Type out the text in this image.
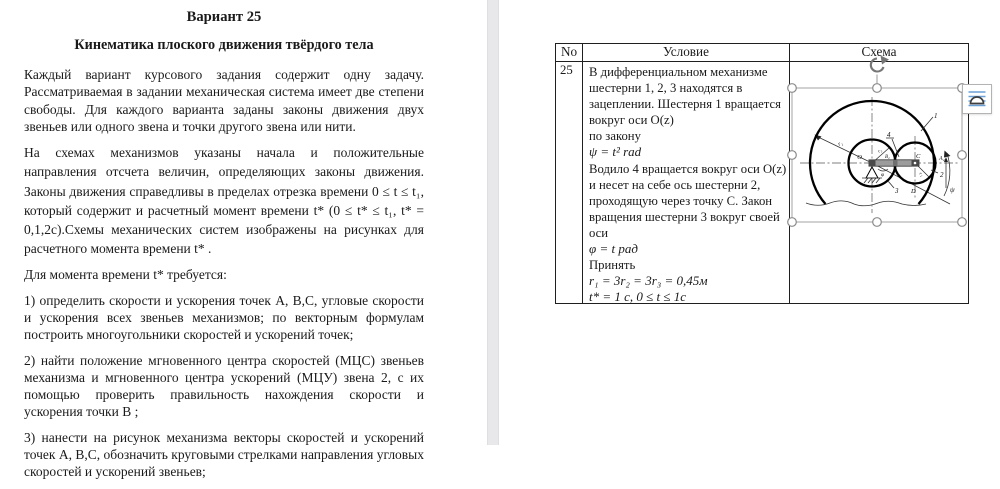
Вариант 25
Кинематика плоского движения твёрдого тела

Каждый вариант курсового задания содержит одну задачу. Рассматриваемая в задании механическая система имеет две степени свободы. Для каждого варианта заданы законы движения двух звеньев или одного звена и точки другого звена или нити.

На схемах механизмов указаны начала и положительные направления отсчета величин, определяющих законы движения. Законы движения справедливы в пределах отрезка времени 0 ≤ t ≤ t₁, который содержит и расчетный момент времени t* (0 ≤ t* ≤ t₁, t* = 0,1,2с).Схемы механических систем изображены на рисунках для расчетного момента времени t* .

Для момента времени t* требуется:

1) определить скорости и ускорения точек А, В,С, угловые скорости и ускорения всех звеньев механизмов; по векторным формулам построить многоугольники скоростей и ускорений точек;

2) найти положение мгновенного центра скоростей (МЦС) звеньев механизма и мгновенного центра ускорений (МЦУ) звена 2, с их помощью проверить правильность нахождения скорости и ускорения точки В ;

3) нанести на рисунок механизма векторы скоростей и ускорений точек А, В,С, обозначить круговыми стрелками направления угловых скоростей и ускорений звеньев;

No	Условие	Схема
25	В дифференциальном механизме
шестерни 1, 2, 3 находятся в
зацеплении. Шестерня 1 вращается
вокруг оси O(z)
по закону
ψ = t² rad
Водило 4 вращается вокруг оси O(z)
и несет на себе ось шестерни 2,
проходящую через точку C. Закон
вращения шестерни 3 вокруг своей
оси
φ = t рад
Принять
r₁ = 3r₂ = 3r₃ = 0,45м
t* = 1 с, 0 ≤ t ≤ 1с
1
2
3
4
O	C
B₂	A₂
D
r₁
r₂
r₃
ψ
φ
